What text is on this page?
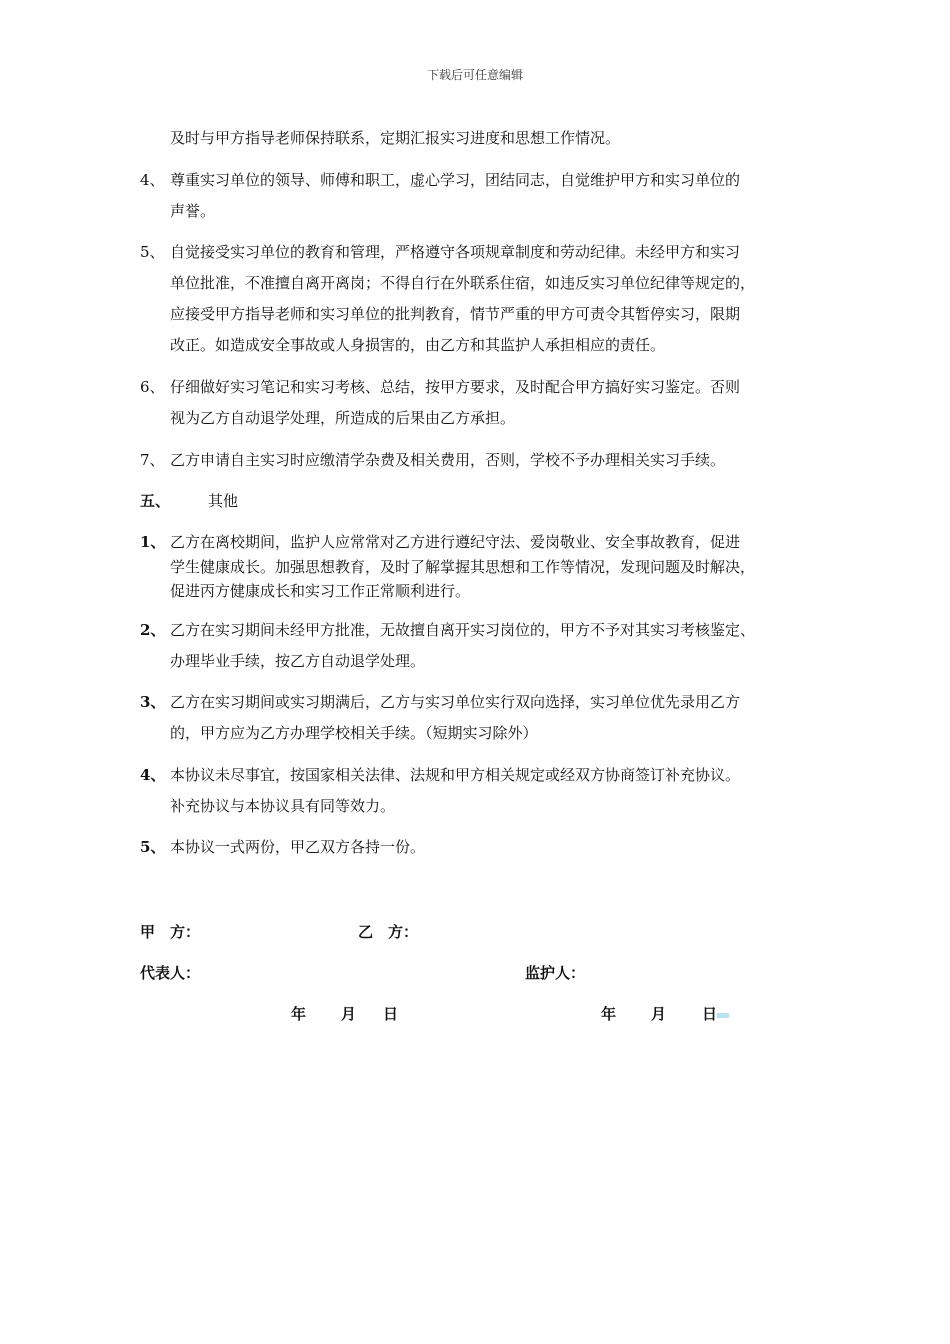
下载后可任意编辑
及时与甲方指导老师保持联系，定期汇报实习进度和思想工作情况。
4、 尊重实习单位的领导、师傅和职工，虚心学习，团结同志，自觉维护甲方和实习单位的
声誉。
5、 自觉接受实习单位的教育和管理，严格遵守各项规章制度和劳动纪律。未经甲方和实习
单位批准，不准擅自离开离岗；不得自行在外联系住宿，如违反实习单位纪律等规定的，
应接受甲方指导老师和实习单位的批判教育，情节严重的甲方可责令其暂停实习，限期
改正。如造成安全事故或人身损害的，由乙方和其监护人承担相应的责任。
6、 仔细做好实习笔记和实习考核、总结，按甲方要求，及时配合甲方搞好实习鉴定。否则
视为乙方自动退学处理，所造成的后果由乙方承担。
7、 乙方申请自主实习时应缴清学杂费及相关费用，否则，学校不予办理相关实习手续。
五、	其他
1、 乙方在离校期间，监护人应常常对乙方进行遵纪守法、爱岗敬业、安全事故教育，促进
学生健康成长。加强思想教育，及时了解掌握其思想和工作等情况，发现问题及时解决，
促进丙方健康成长和实习工作正常顺利进行。
2、 乙方在实习期间未经甲方批准，无故擅自离开实习岗位的，甲方不予对其实习考核鉴定、
办理毕业手续，按乙方自动退学处理。
3、 乙方在实习期间或实习期满后，乙方与实习单位实行双向选择，实习单位优先录用乙方
的，甲方应为乙方办理学校相关手续。（短期实习除外）
4、 本协议未尽事宜，按国家相关法律、法规和甲方相关规定或经双方协商签订补充协议。
补充协议与本协议具有同等效力。
5、 本协议一式两份，甲乙双方各持一份。
甲　方：	乙　方：
代表人：	监护人：
年 月 日	年 月 日
